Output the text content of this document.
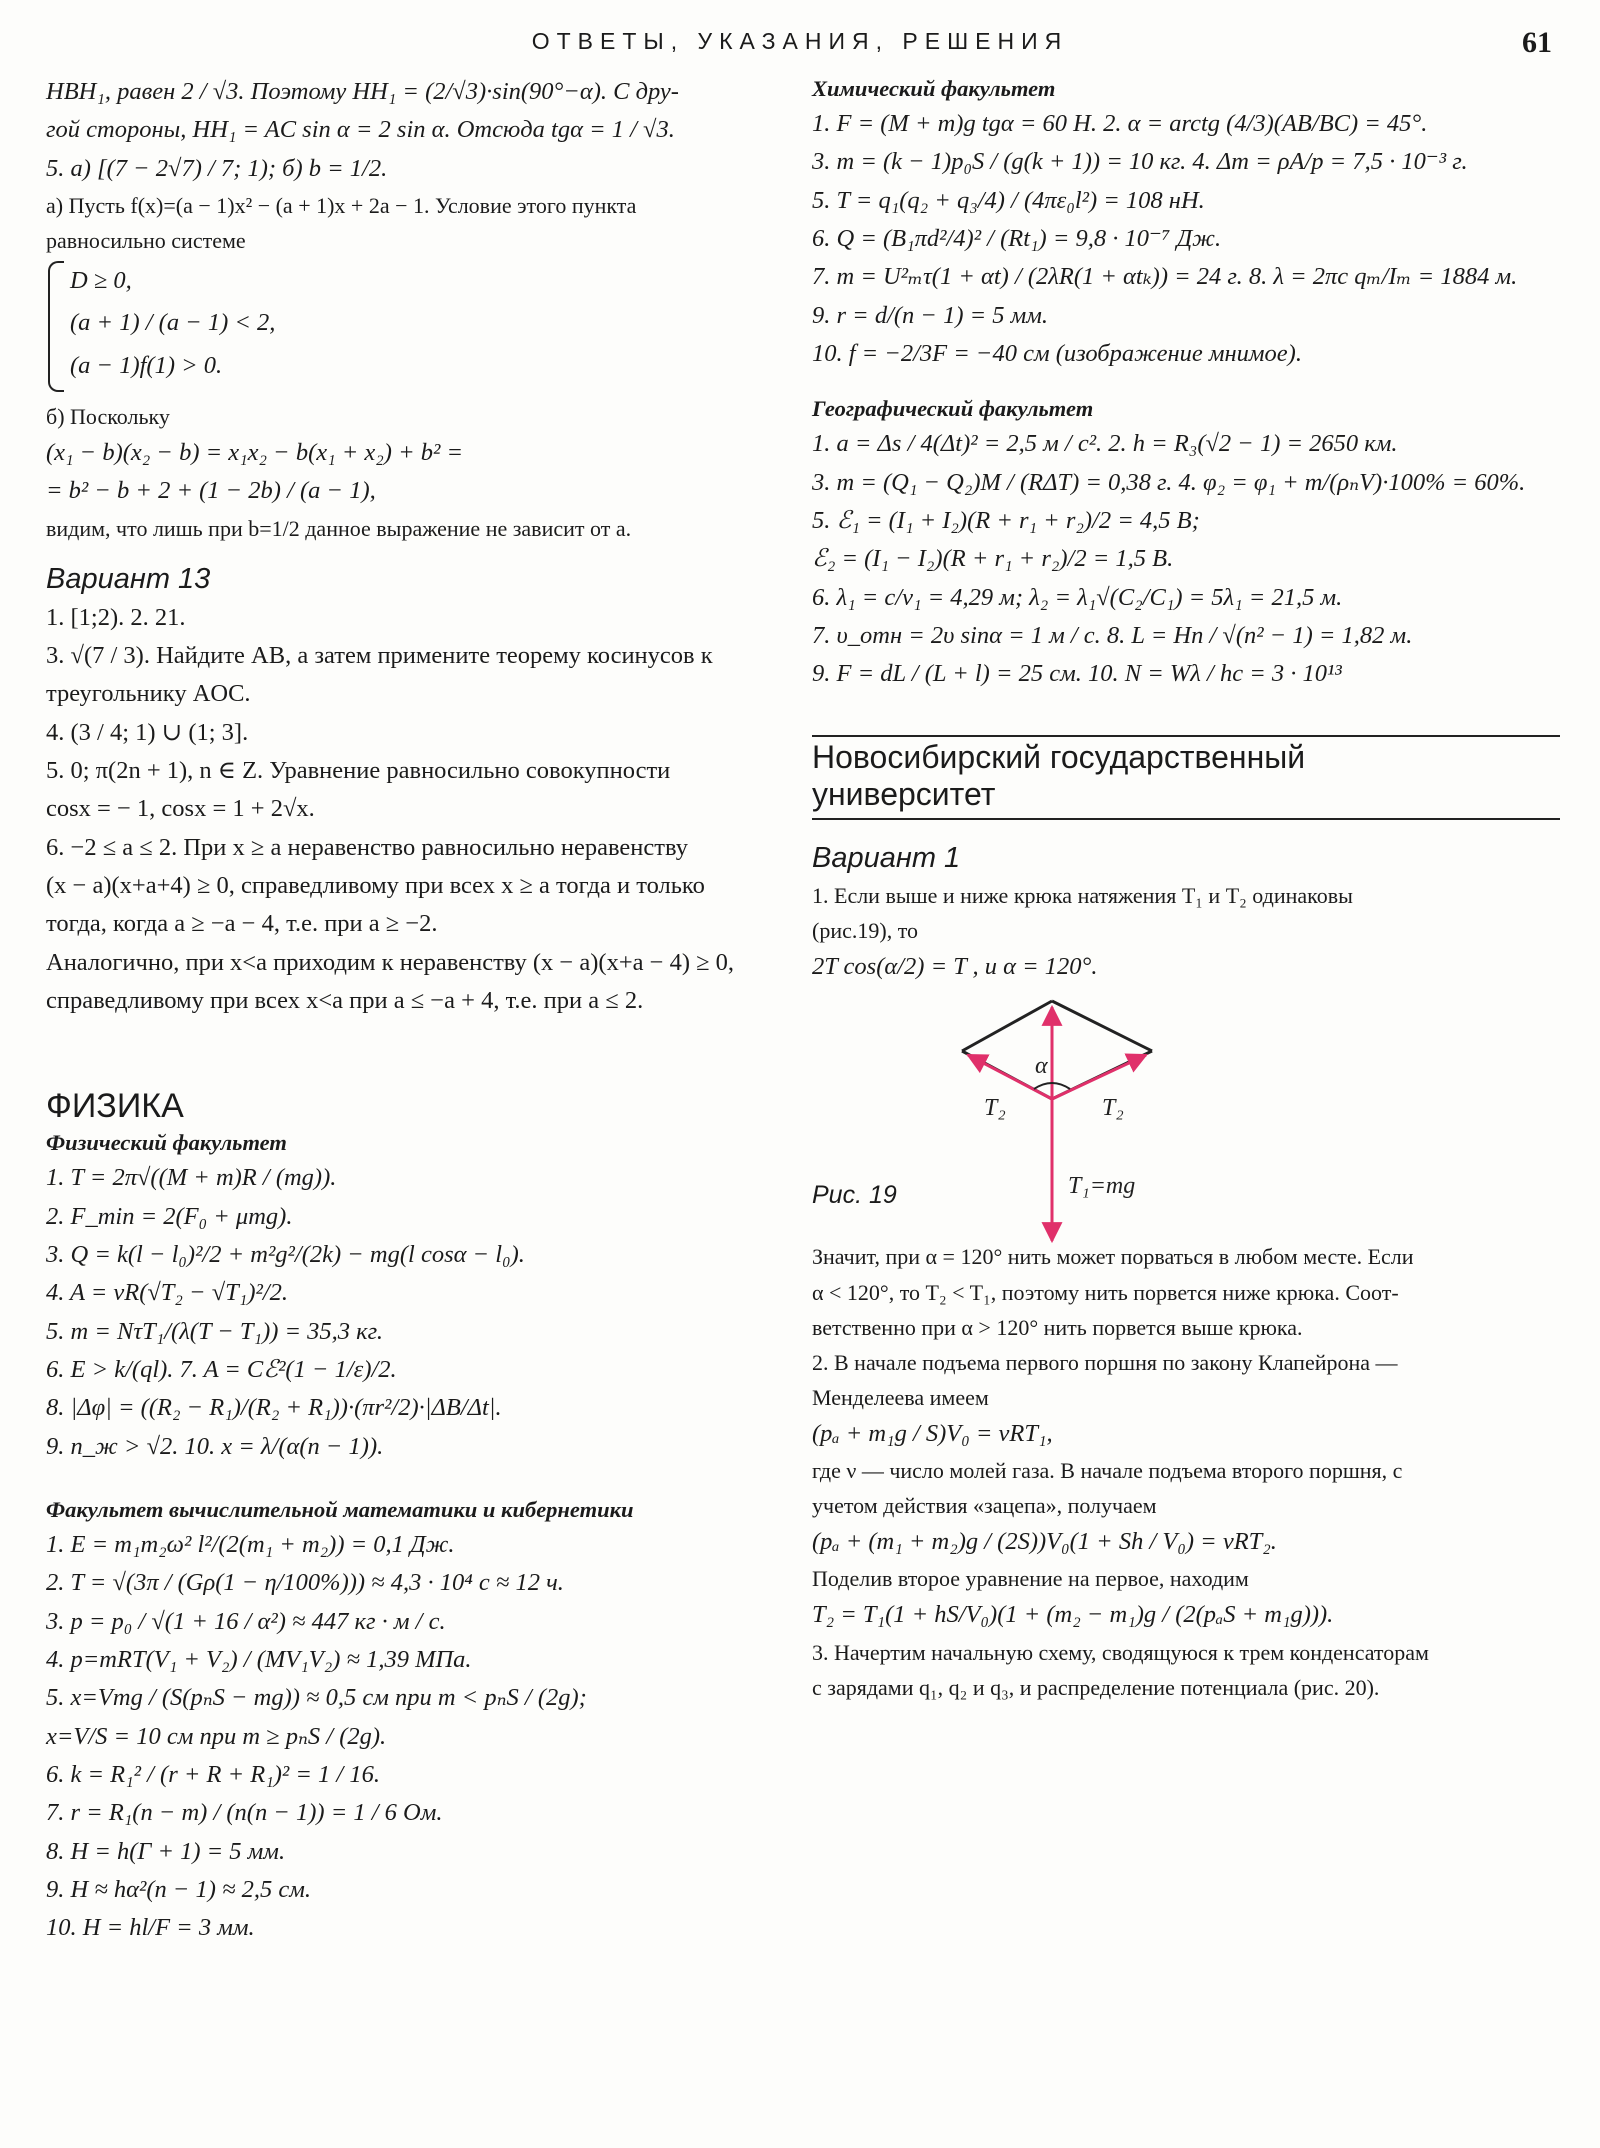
ОТВЕТЫ, УКАЗАНИЯ, РЕШЕНИЯ	61
HBH₁, равен 2 / √3. Поэтому HH₁ = (2/√3)·sin(90°−α). С дру-
гой стороны, HH₁ = AC sin α = 2 sin α. Отсюда tgα = 1 / √3.
5. а) [(7 − 2√7) / 7; 1); б) b = 1/2.
а) Пусть f(x)=(a − 1)x² − (a + 1)x + 2a − 1. Условие этого пункта
равносильно системе
D ≥ 0,
(a + 1) / (a − 1) < 2,
(a − 1)f(1) > 0.
б) Поскольку
(x₁ − b)(x₂ − b) = x₁x₂ − b(x₁ + x₂) + b² =
= b² − b + 2 + (1 − 2b) / (a − 1),
видим, что лишь при b=1/2 данное выражение не зависит от a.
Вариант 13
1. [1;2). 2. 21.
3. √(7 / 3). Найдите AB, а затем примените теорему косинусов к
треугольнику AOC.
4. (3 / 4; 1) ∪ (1; 3].
5. 0; π(2n + 1), n ∈ Z. Уравнение равносильно совокупности
cosx = − 1, cosx = 1 + 2√x.
6. −2 ≤ a ≤ 2. При x ≥ a неравенство равносильно неравенству
(x − a)(x+a+4) ≥ 0, справедливому при всех x ≥ a тогда и только
тогда, когда a ≥ −a − 4, т.е. при a ≥ −2.
Аналогично, при x<a приходим к неравенству (x − a)(x+a − 4) ≥ 0,
справедливому при всех x<a при a ≤ −a + 4, т.е. при a ≤ 2.
ФИЗИКА
Физический факультет
1. T = 2π√((M + m)R / (mg)).
2. F_min = 2(F₀ + μmg).
3. Q = k(l − l₀)²/2 + m²g²/(2k) − mg(l cosα − l₀).
4. A = νR(√T₂ − √T₁)²/2.
5. m = NτT₁/(λ(T − T₁)) = 35,3 кг.
6. E > k/(ql). 7. A = Cℰ²(1 − 1/ε)/2.
8. |Δφ| = ((R₂ − R₁)/(R₂ + R₁))·(πr²/2)·|ΔB/Δt|.
9. n_ж > √2. 10. x = λ/(α(n − 1)).
Факультет вычислительной математики и кибернетики
1. E = m₁m₂ω² l²/(2(m₁ + m₂)) = 0,1 Дж.
2. T = √(3π / (Gρ(1 − η/100%))) ≈ 4,3 · 10⁴ с ≈ 12 ч.
3. p = p₀ / √(1 + 16 / α²) ≈ 447 кг · м / с.
4. p=mRT(V₁ + V₂) / (MV₁V₂) ≈ 1,39 МПа.
5. x=Vmg / (S(pₙS − mg)) ≈ 0,5 см при m < pₙS / (2g);
x=V/S = 10 см при m ≥ pₙS / (2g).
6. k = R₁² / (r + R + R₁)² = 1 / 16.
7. r = R₁(n − m) / (n(n − 1)) = 1 / 6 Ом.
8. H = h(Γ + 1) = 5 мм.
9. H ≈ hα²(n − 1) ≈ 2,5 см.
10. H = hl/F = 3 мм.
Химический факультет
1. F = (M + m)g tgα = 60 Н. 2. α = arctg (4/3)(AB/BC) = 45°.
3. m = (k − 1)p₀S / (g(k + 1)) = 10 кг. 4. Δm = ρA/p = 7,5 · 10⁻³ г.
5. T = q₁(q₂ + q₃/4) / (4πε₀l²) = 108 нН.
6. Q = (B₁πd²/4)² / (Rt₁) = 9,8 · 10⁻⁷ Дж.
7. m = U²ₘτ(1 + αt) / (2λR(1 + αtₖ)) = 24 г. 8. λ = 2πc qₘ/Iₘ = 1884 м.
9. r = d/(n − 1) = 5 мм.
10. f = −2/3F = −40 см (изображение мнимое).
Географический факультет
1. a = Δs / 4(Δt)² = 2,5 м / с². 2. h = R₃(√2 − 1) = 2650 км.
3. m = (Q₁ − Q₂)M / (RΔT) = 0,38 г. 4. φ₂ = φ₁ + m/(ρₙV)·100% = 60%.
5. ℰ₁ = (I₁ + I₂)(R + r₁ + r₂)/2 = 4,5 В;
ℰ₂ = (I₁ − I₂)(R + r₁ + r₂)/2 = 1,5 В.
6. λ₁ = c/ν₁ = 4,29 м; λ₂ = λ₁√(C₂/C₁) = 5λ₁ = 21,5 м.
7. υ_отн = 2υ sinα = 1 м / с. 8. L = Hn / √(n² − 1) = 1,82 м.
9. F = dL / (L + l) = 25 см. 10. N = Wλ / hc = 3 · 10¹³
Новосибирский государственный
университет
Вариант 1
1. Если выше и ниже крюка натяжения T₁ и T₂ одинаковы
(рис.19), то
2T cos(α/2) = T , и α = 120°.
α
T₂	T₂
T₁=mg
Рис. 19
Значит, при α = 120° нить может порваться в любом месте. Если
α < 120°, то T₂ < T₁, поэтому нить порвется ниже крюка. Соот-
ветственно при α > 120° нить порвется выше крюка.
2. В начале подъема первого поршня по закону Клапейрона —
Менделеева имеем
(pₐ + m₁g / S)V₀ = νRT₁,
где ν — число молей газа. В начале подъема второго поршня, с
учетом действия «зацепа», получаем
(pₐ + (m₁ + m₂)g / (2S))V₀(1 + Sh / V₀) = νRT₂.
Поделив второе уравнение на первое, находим
T₂ = T₁(1 + hS/V₀)(1 + (m₂ − m₁)g / (2(pₐS + m₁g))).
3. Начертим начальную схему, сводящуюся к трем конденсаторам
с зарядами q₁, q₂ и q₃, и распределение потенциала (рис. 20).
